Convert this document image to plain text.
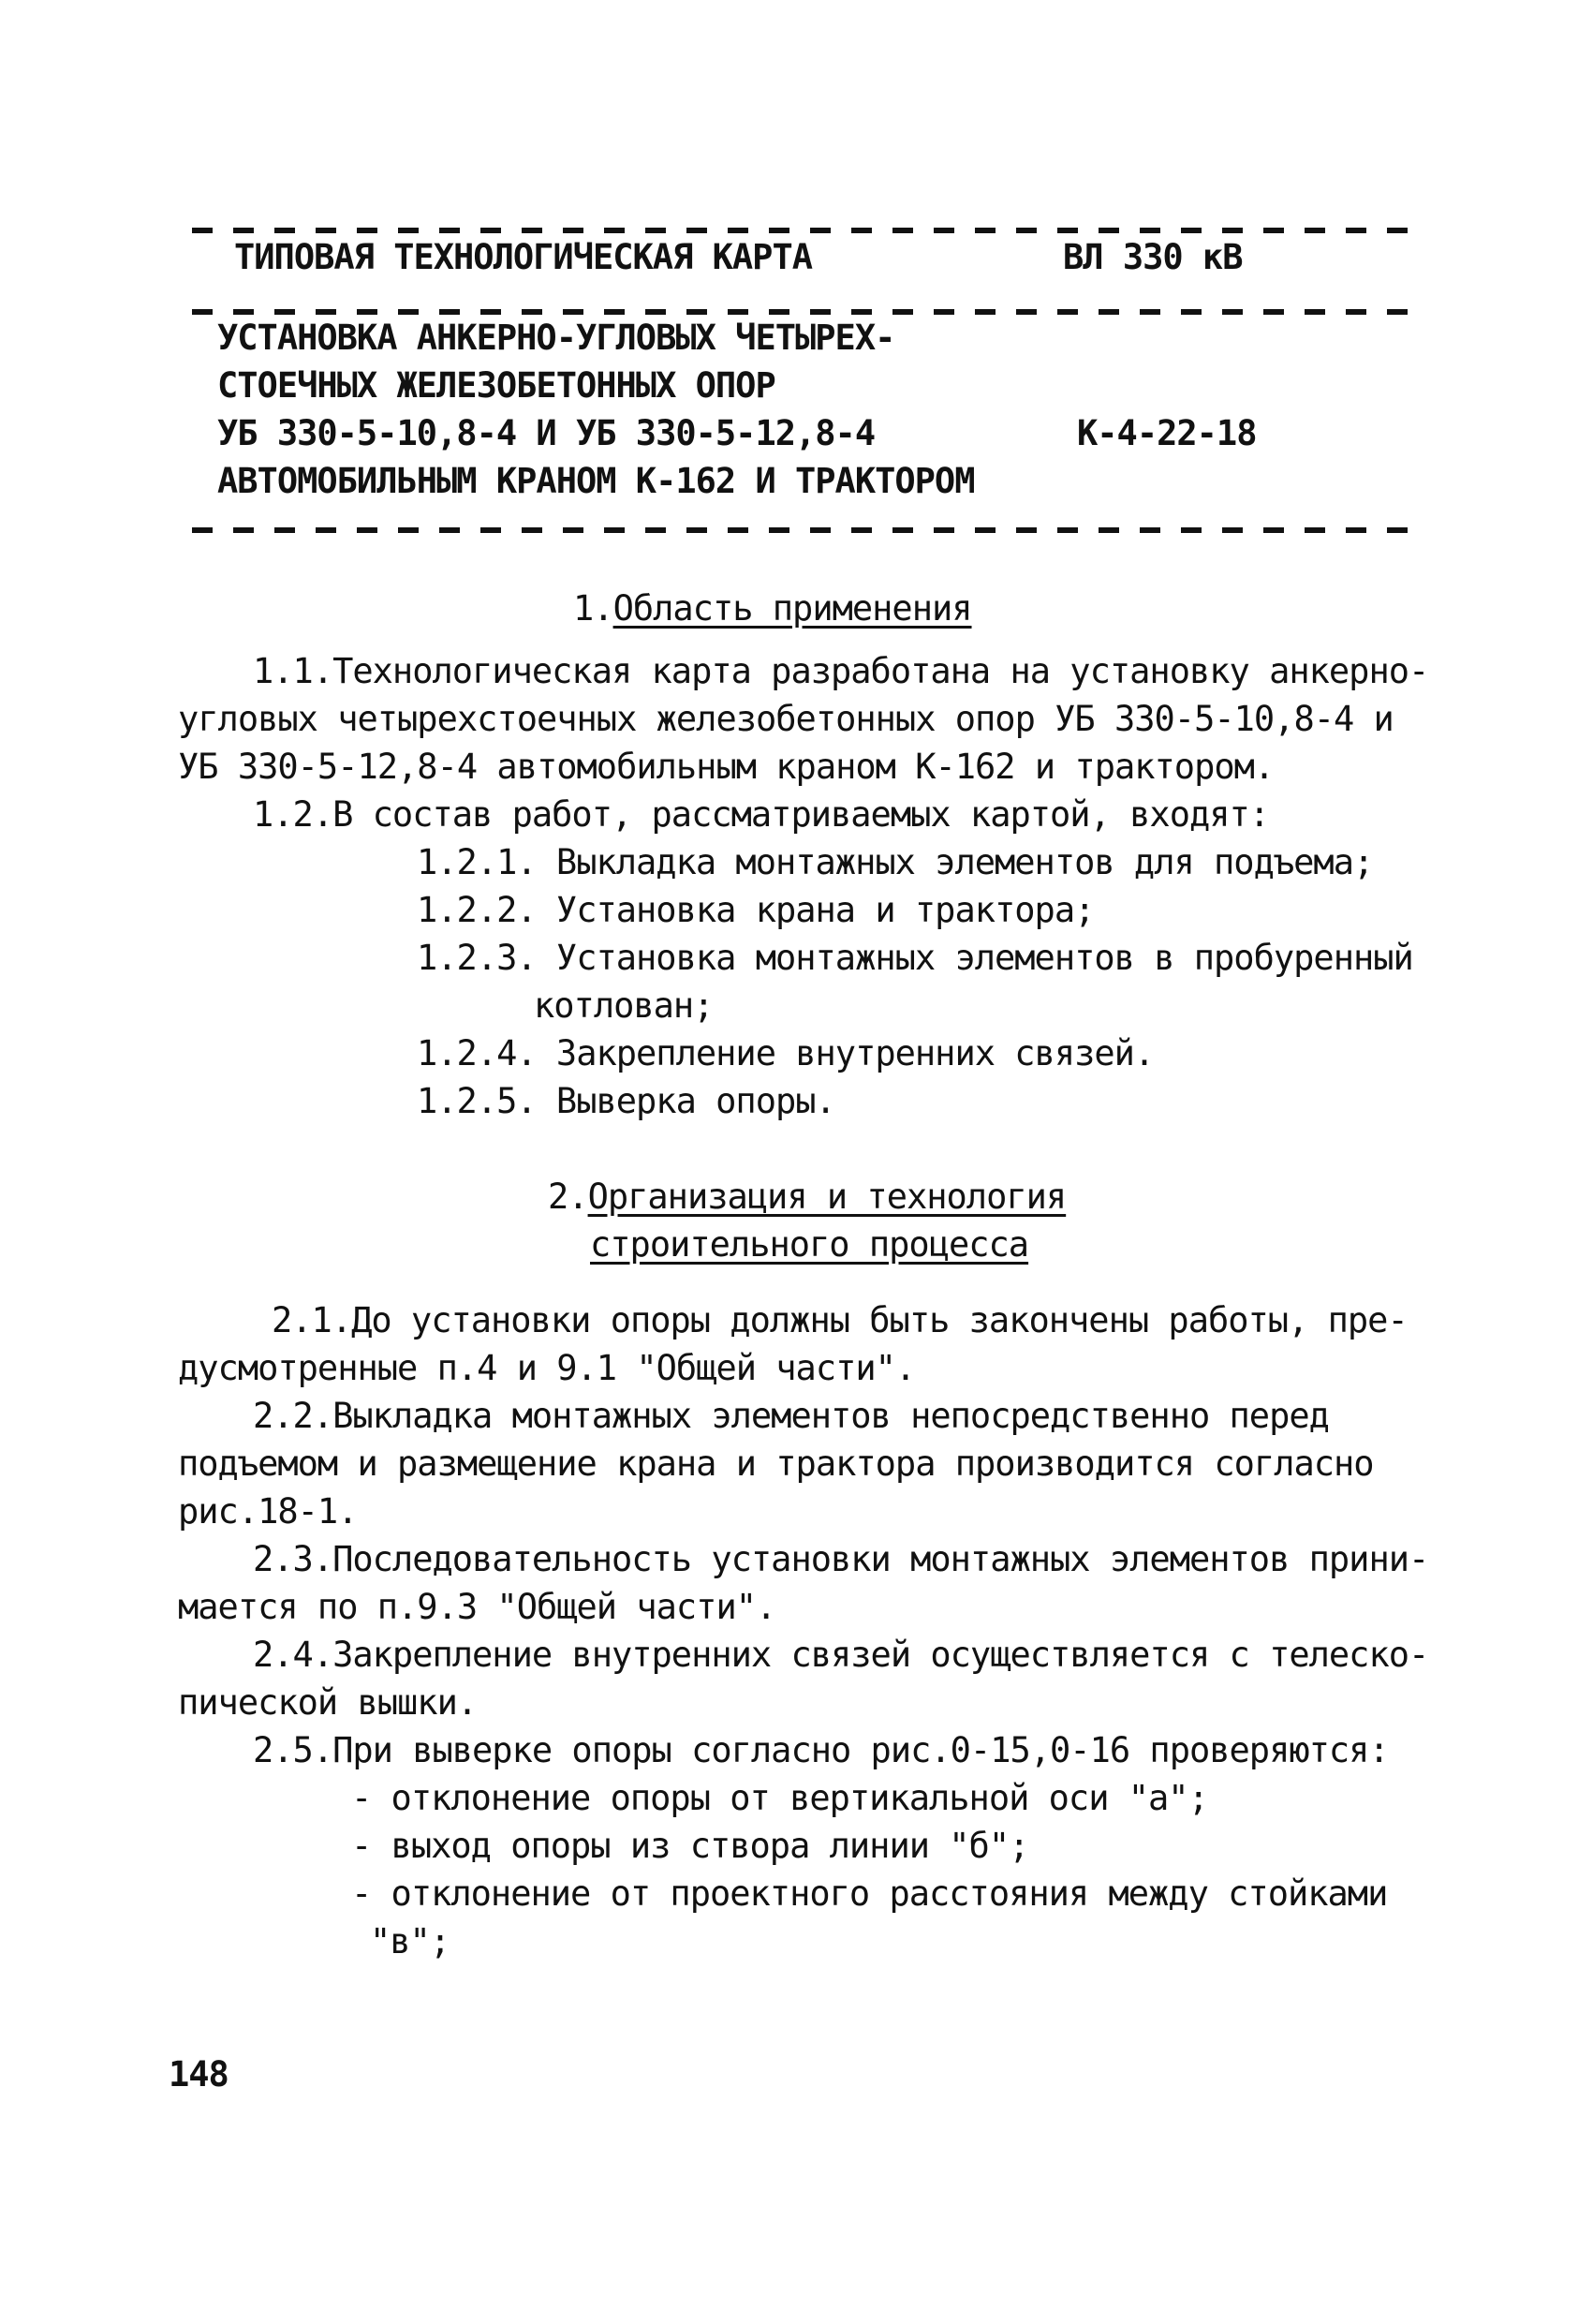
ТИПОВАЯ ТЕХНОЛОГИЧЕСКАЯ КАРТА	ВЛ 330 кВ
УСТАНОВКА АНКЕРНО-УГЛОВЫХ ЧЕТЫРЕХ-
СТОЕЧНЫХ ЖЕЛЕЗОБЕТОННЫХ ОПОР
УБ 330-5-10,8-4 И УБ 330-5-12,8-4	К-4-22-18
АВТОМОБИЛЬНЫМ КРАНОМ К-162 И ТРАКТОРОМ
1.Область применения
1.1.Технологическая карта разработана на установку анкерно-
угловых четырехстоечных железобетонных опор УБ 330-5-10,8-4 и
УБ 330-5-12,8-4 автомобильным краном К-162 и трактором.
1.2.В состав работ, рассматриваемых картой, входят:
1.2.1. Выкладка монтажных элементов для подъема;
1.2.2. Установка крана и трактора;
1.2.3. Установка монтажных элементов в пробуренный
котлован;
1.2.4. Закрепление внутренних связей.
1.2.5. Выверка опоры.
2.Организация и технология
строительного процесса
2.1.До установки опоры должны быть закончены работы, пре-
дусмотренные п.4 и 9.1 "Общей части".
2.2.Выкладка монтажных элементов непосредственно перед
подъемом и размещение крана и трактора производится согласно
рис.18-1.
2.3.Последовательность установки монтажных элементов прини-
мается по п.9.3 "Общей части".
2.4.Закрепление внутренних связей осуществляется с телеско-
пической вышки.
2.5.При выверке опоры согласно рис.0-15,0-16 проверяются:
- отклонение опоры от вертикальной оси "а";
- выход опоры из створа линии "б";
- отклонение от проектного расстояния между стойками
"в";
148
